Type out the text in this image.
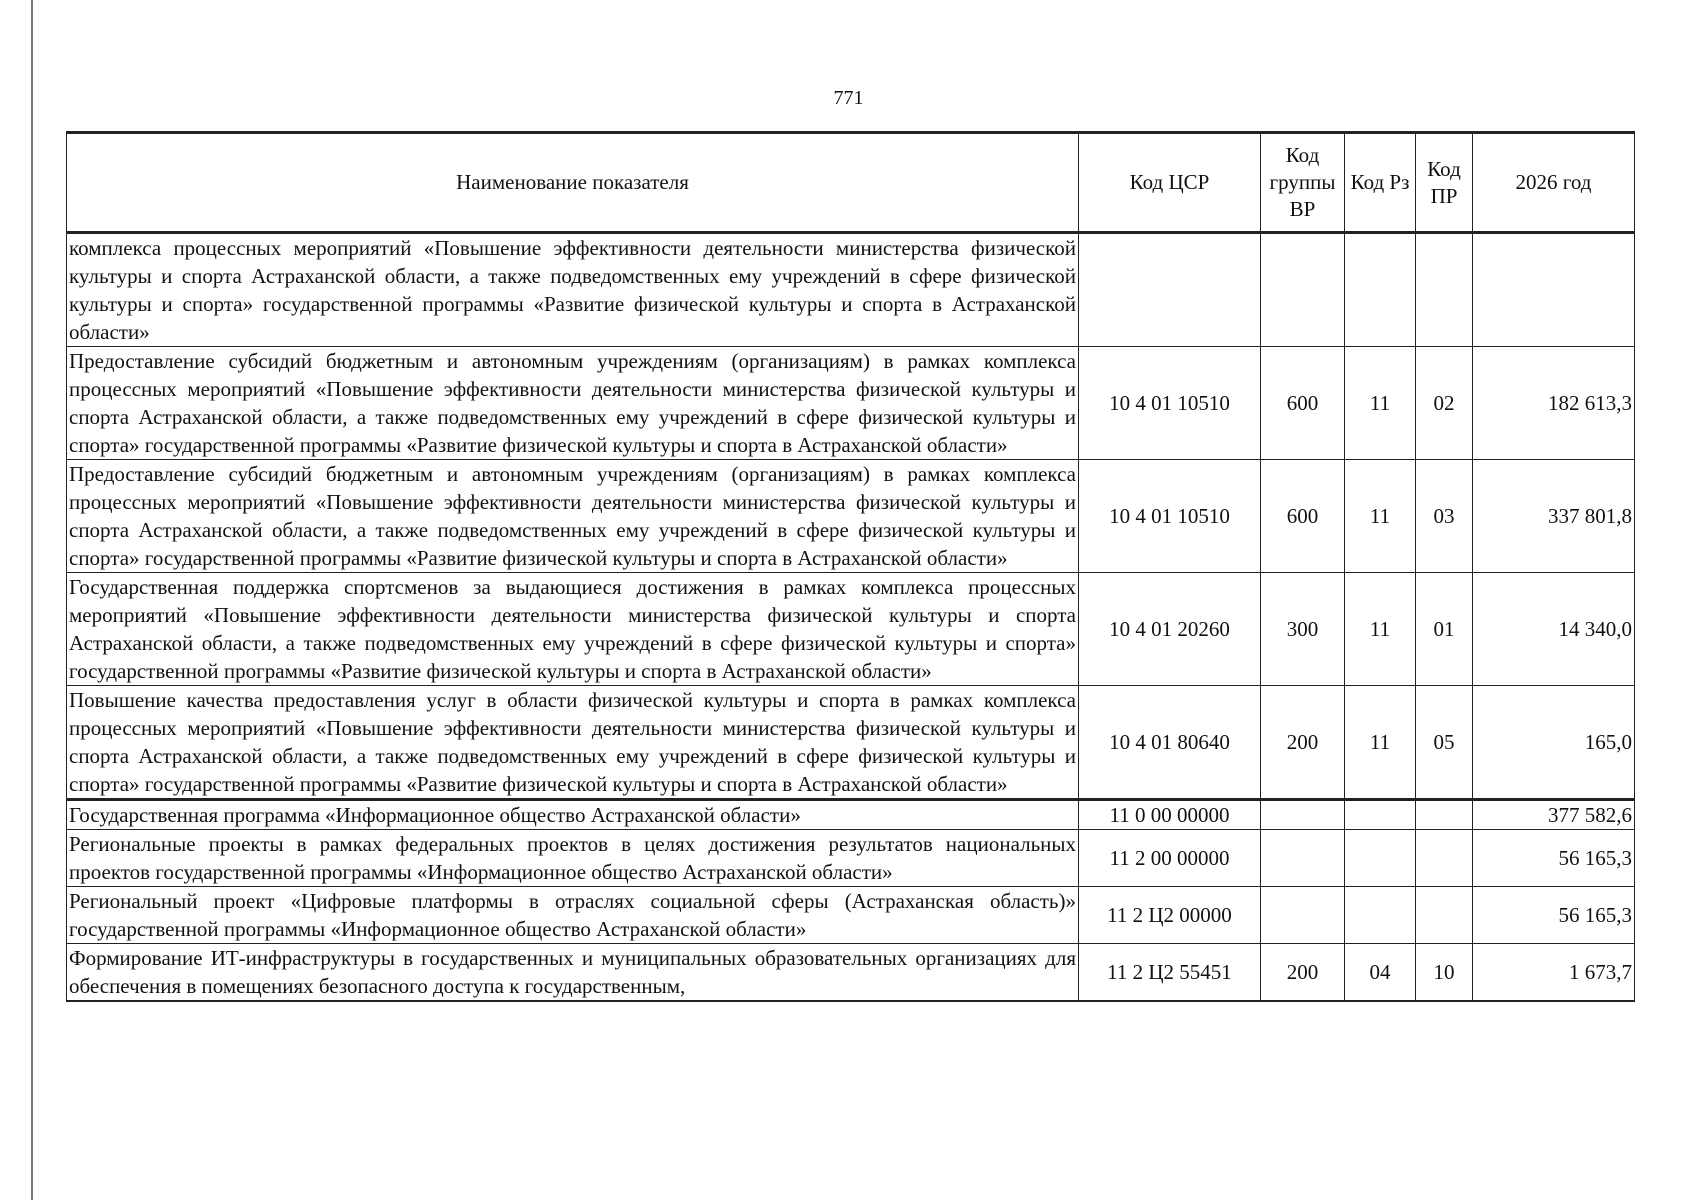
771
Наименование показателя	Код ЦСР	Код группы ВР	Код Рз	Код ПР	2026 год
комплекса процессных мероприятий «Повышение эффективности деятельности министерства физической культуры и спорта Астраханской области, а также подведомственных ему учреждений в сфере физической культуры и спорта» государственной программы «Развитие физической культуры и спорта в Астраханской области»					
Предоставление субсидий бюджетным и автономным учреждениям (организациям) в рамках комплекса процессных мероприятий «Повышение эффективности деятельности министерства физической культуры и спорта Астраханской области, а также подведомственных ему учреждений в сфере физической культуры и спорта» государственной программы «Развитие физической культуры и спорта в Астраханской области»	10 4 01 10510	600	11	02	182 613,3
Предоставление субсидий бюджетным и автономным учреждениям (организациям) в рамках комплекса процессных мероприятий «Повышение эффективности деятельности министерства физической культуры и спорта Астраханской области, а также подведомственных ему учреждений в сфере физической культуры и спорта» государственной программы «Развитие физической культуры и спорта в Астраханской области»	10 4 01 10510	600	11	03	337 801,8
Государственная поддержка спортсменов за выдающиеся достижения в рамках комплекса процессных мероприятий «Повышение эффективности деятельности министерства физической культуры и спорта Астраханской области, а также подведомственных ему учреждений в сфере физической культуры и спорта» государственной программы «Развитие физической культуры и спорта в Астраханской области»	10 4 01 20260	300	11	01	14 340,0
Повышение качества предоставления услуг в области физической культуры и спорта в рамках комплекса процессных мероприятий «Повышение эффективности деятельности министерства физической культуры и спорта Астраханской области, а также подведомственных ему учреждений в сфере физической культуры и спорта» государственной программы «Развитие физической культуры и спорта в Астраханской области»	10 4 01 80640	200	11	05	165,0
Государственная программа «Информационное общество Астраханской области»	11 0 00 00000				377 582,6
Региональные проекты в рамках федеральных проектов в целях достижения результатов национальных проектов государственной программы «Информационное общество Астраханской области»	11 2 00 00000				56 165,3
Региональный проект «Цифровые платформы в отраслях социальной сферы (Астраханская область)» государственной программы «Информационное общество Астраханской области»	11 2 Ц2 00000				56 165,3
Формирование ИТ-инфраструктуры в государственных и муниципальных образовательных организациях для обеспечения в помещениях безопасного доступа к государственным,	11 2 Ц2 55451	200	04	10	1 673,7
